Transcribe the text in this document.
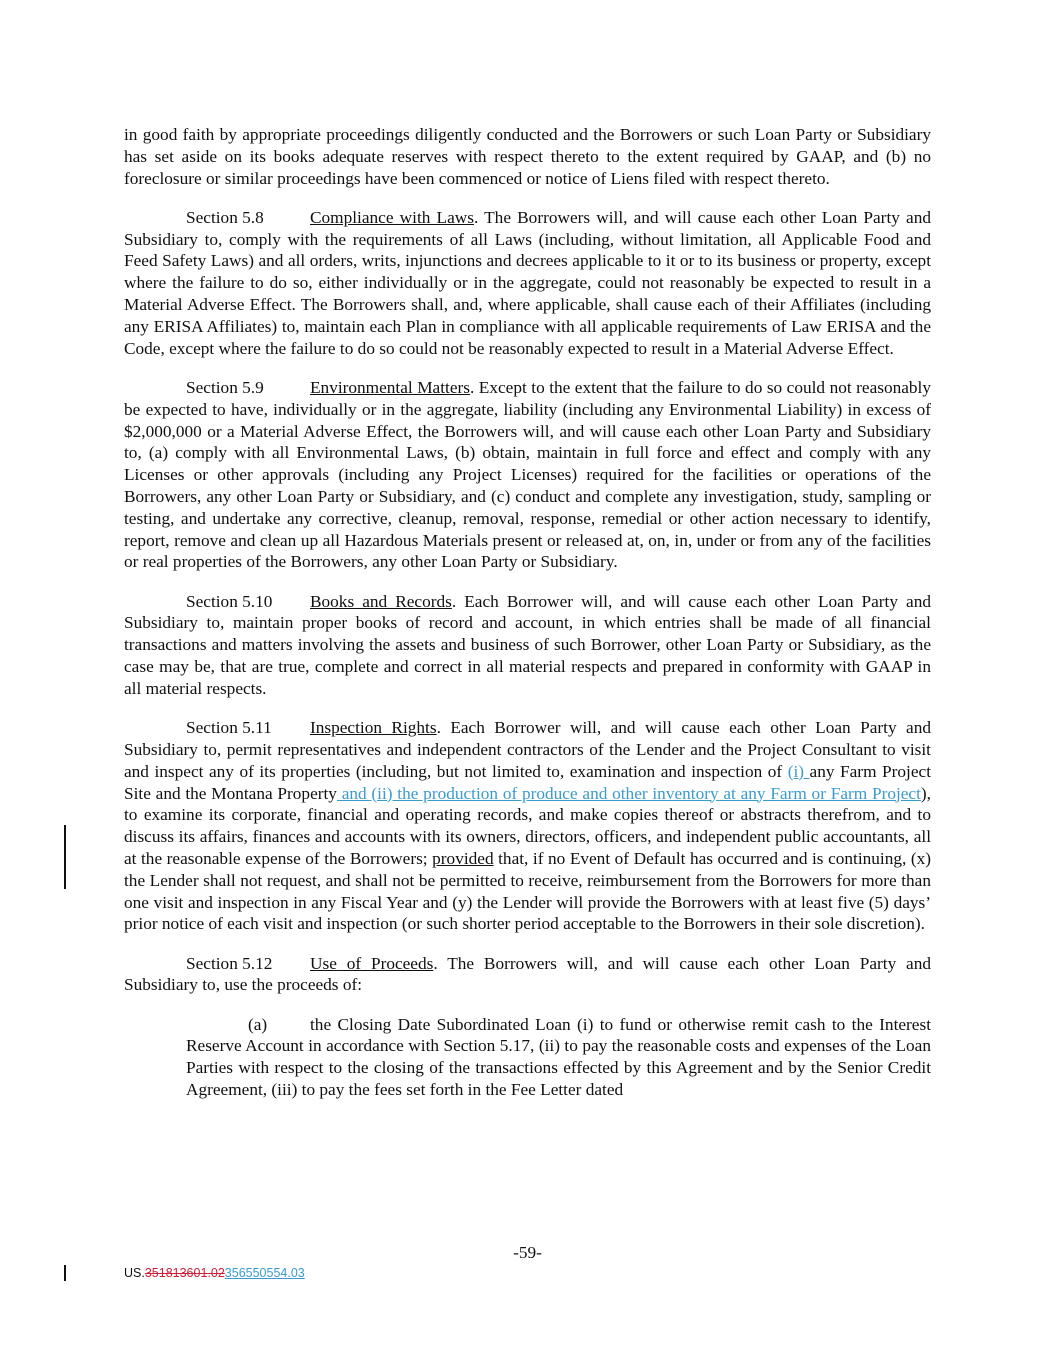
in good faith by appropriate proceedings diligently conducted and the Borrowers or such Loan Party or Subsidiary has set aside on its books adequate reserves with respect thereto to the extent required by GAAP, and (b) no foreclosure or similar proceedings have been commenced or notice of Liens filed with respect thereto.

Section 5.8	Compliance with Laws. The Borrowers will, and will cause each other Loan Party and Subsidiary to, comply with the requirements of all Laws (including, without limitation, all Applicable Food and Feed Safety Laws) and all orders, writs, injunctions and decrees applicable to it or to its business or property, except where the failure to do so, either individually or in the aggregate, could not reasonably be expected to result in a Material Adverse Effect. The Borrowers shall, and, where applicable, shall cause each of their Affiliates (including any ERISA Affiliates) to, maintain each Plan in compliance with all applicable requirements of Law ERISA and the Code, except where the failure to do so could not be reasonably expected to result in a Material Adverse Effect.

Section 5.9	Environmental Matters. Except to the extent that the failure to do so could not reasonably be expected to have, individually or in the aggregate, liability (including any Environmental Liability) in excess of $2,000,000 or a Material Adverse Effect, the Borrowers will, and will cause each other Loan Party and Subsidiary to, (a) comply with all Environmental Laws, (b) obtain, maintain in full force and effect and comply with any Licenses or other approvals (including any Project Licenses) required for the facilities or operations of the Borrowers, any other Loan Party or Subsidiary, and (c) conduct and complete any investigation, study, sampling or testing, and undertake any corrective, cleanup, removal, response, remedial or other action necessary to identify, report, remove and clean up all Hazardous Materials present or released at, on, in, under or from any of the facilities or real properties of the Borrowers, any other Loan Party or Subsidiary.

Section 5.10 Books and Records. Each Borrower will, and will cause each other Loan Party and Subsidiary to, maintain proper books of record and account, in which entries shall be made of all financial transactions and matters involving the assets and business of such Borrower, other Loan Party or Subsidiary, as the case may be, that are true, complete and correct in all material respects and prepared in conformity with GAAP in all material respects.

Section 5.11 Inspection Rights. Each Borrower will, and will cause each other Loan Party and Subsidiary to, permit representatives and independent contractors of the Lender and the Project Consultant to visit and inspect any of its properties (including, but not limited to, examination and inspection of (i) any Farm Project Site and the Montana Property and (ii) the production of produce and other inventory at any Farm or Farm Project), to examine its corporate, financial and operating records, and make copies thereof or abstracts therefrom, and to discuss its affairs, finances and accounts with its owners, directors, officers, and independent public accountants, all at the reasonable expense of the Borrowers; provided that, if no Event of Default has occurred and is continuing, (x) the Lender shall not request, and shall not be permitted to receive, reimbursement from the Borrowers for more than one visit and inspection in any Fiscal Year and (y) the Lender will provide the Borrowers with at least five (5) days’ prior notice of each visit and inspection (or such shorter period acceptable to the Borrowers in their sole discretion).

Section 5.12 Use of Proceeds. The Borrowers will, and will cause each other Loan Party and Subsidiary to, use the proceeds of:

(a) the Closing Date Subordinated Loan (i) to fund or otherwise remit cash to the Interest Reserve Account in accordance with Section 5.17, (ii) to pay the reasonable costs and expenses of the Loan Parties with respect to the closing of the transactions effected by this Agreement and by the Senior Credit Agreement, (iii) to pay the fees set forth in the Fee Letter dated

-59-
US.351813601.02356550554.03
